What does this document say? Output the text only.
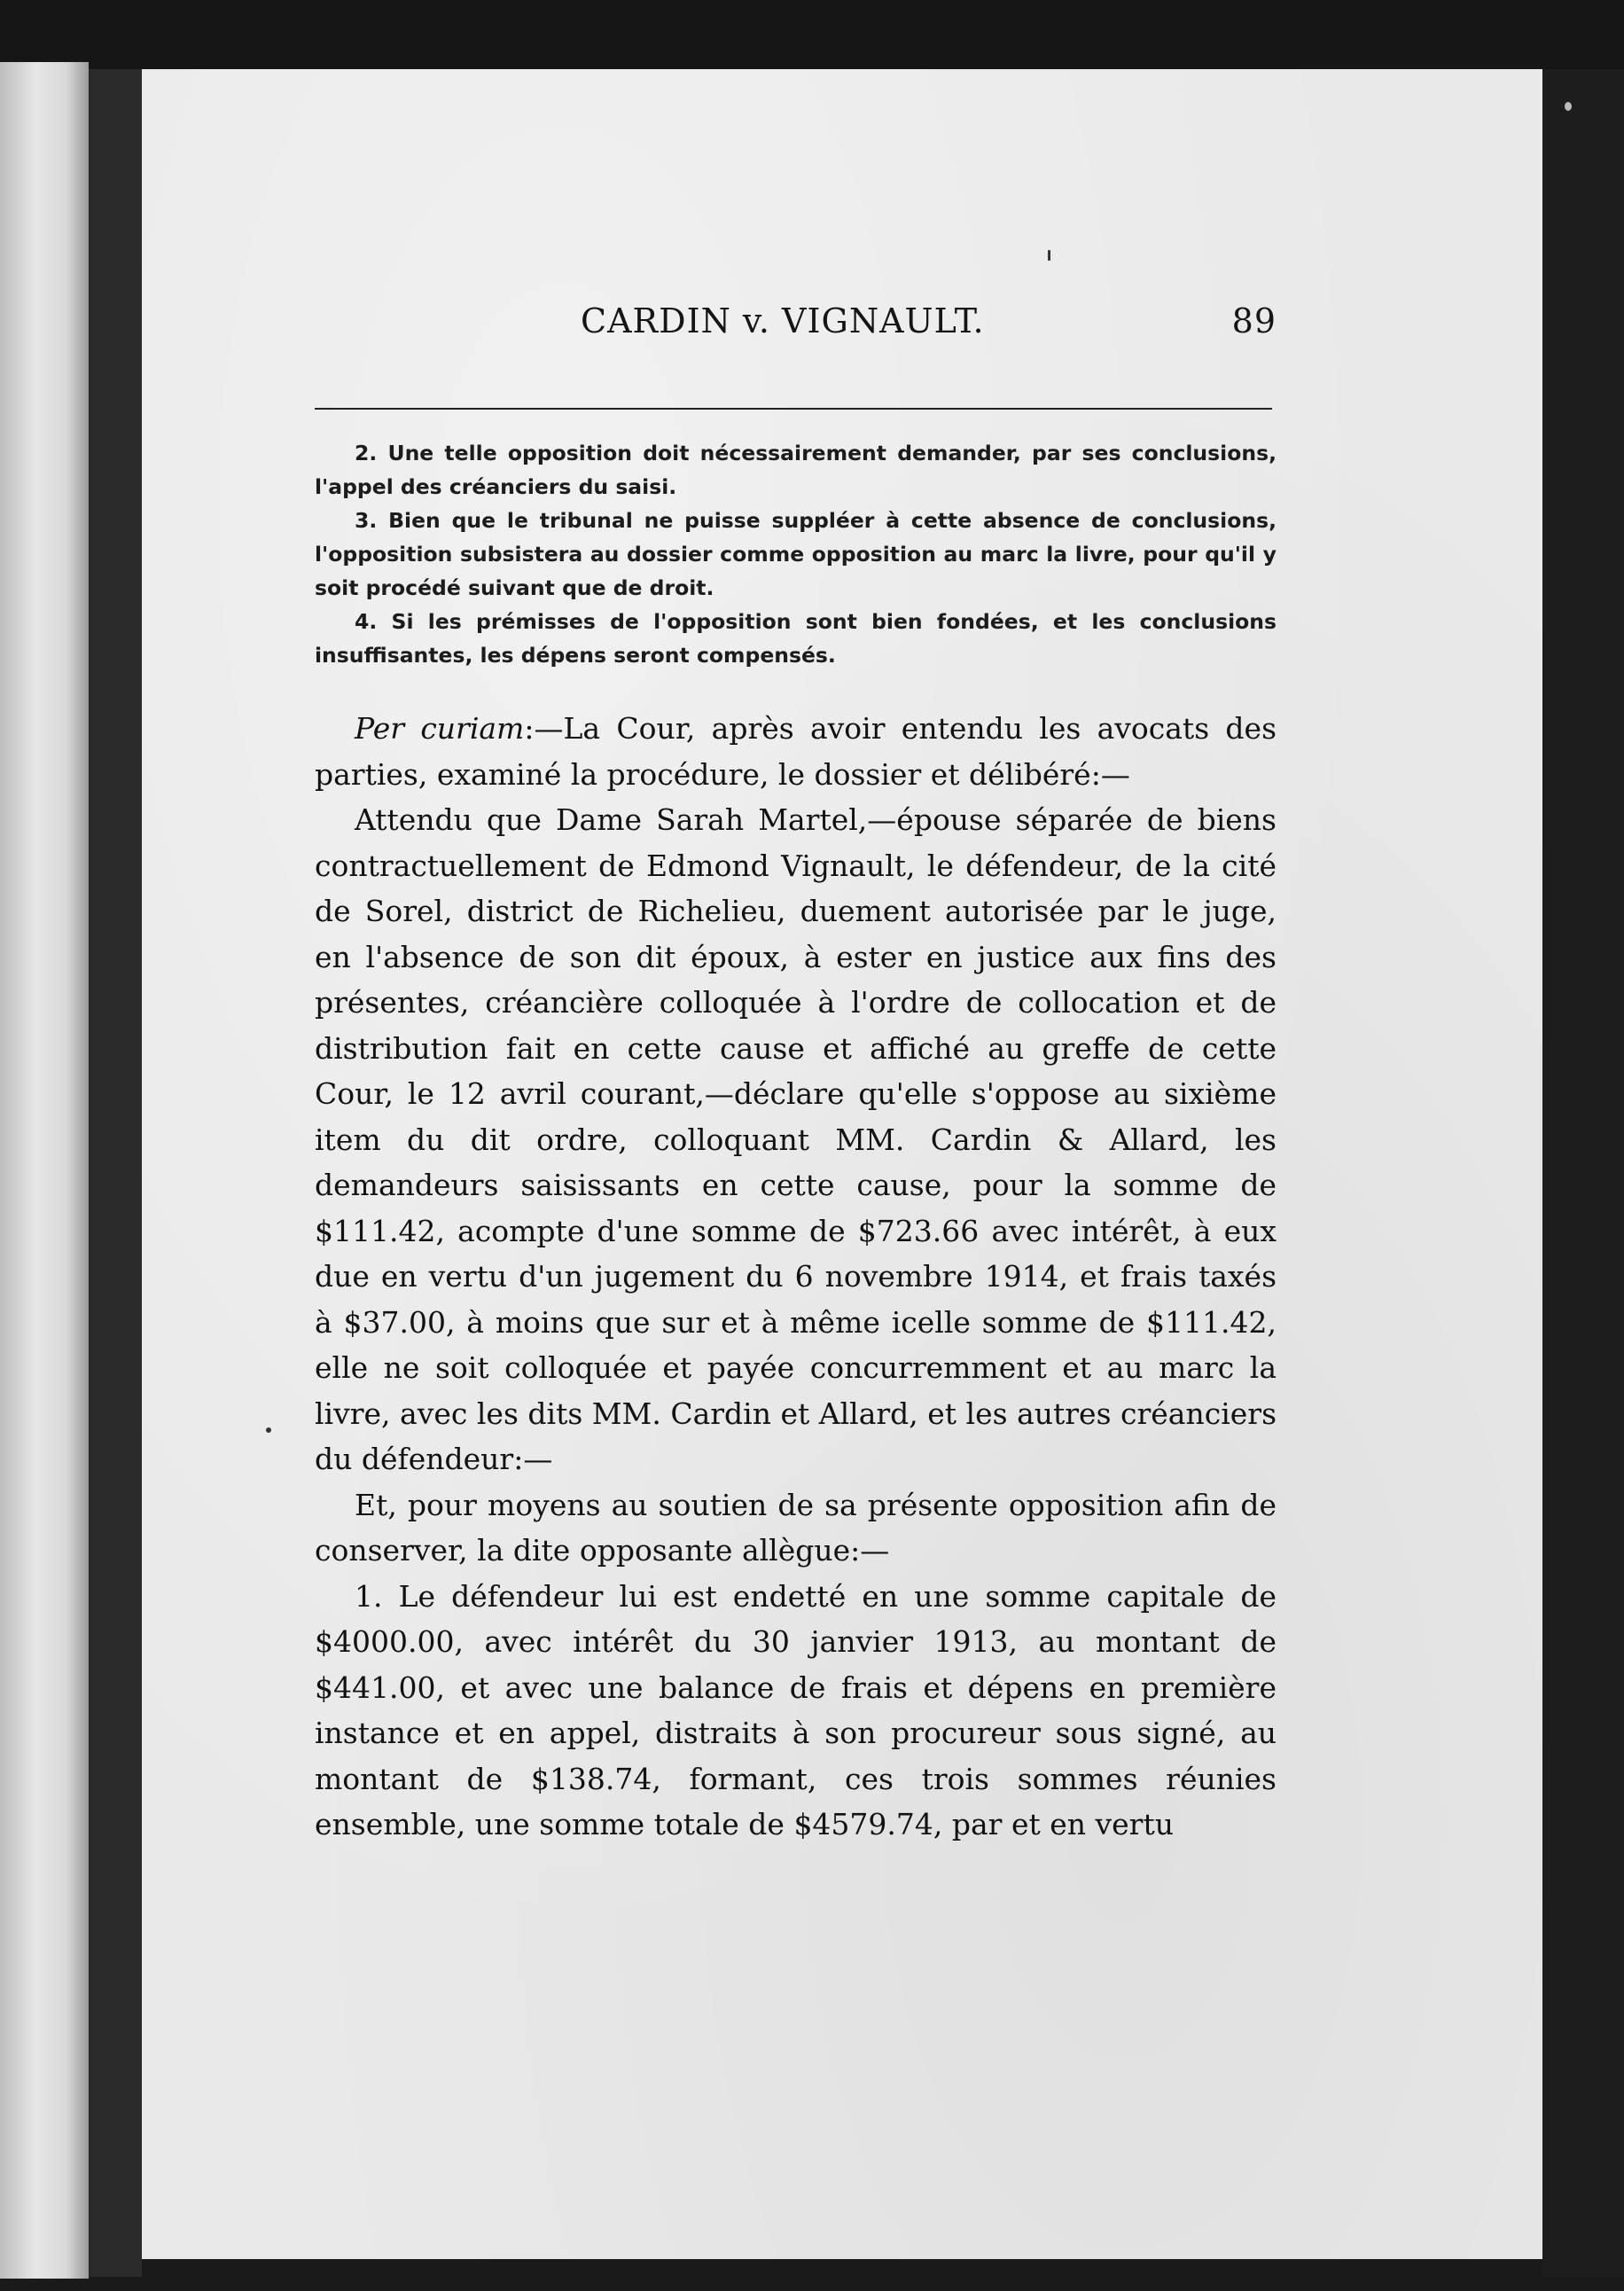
CARDIN v. VIGNAULT.	89

2. Une telle opposition doit nécessairement demander, par ses conclusions, l'appel des créanciers du saisi.

3. Bien que le tribunal ne puisse suppléer à cette absence de conclusions, l'opposition subsistera au dossier comme opposition au marc la livre, pour qu'il y soit procédé suivant que de droit.

4. Si les prémisses de l'opposition sont bien fondées, et les conclusions insuffisantes, les dépens seront compensés.

Per curiam:—La Cour, après avoir entendu les avocats des parties, examiné la procédure, le dossier et délibéré:—

Attendu que Dame Sarah Martel,—épouse séparée de biens contractuellement de Edmond Vignault, le défendeur, de la cité de Sorel, district de Richelieu, duement autorisée par le juge, en l'absence de son dit époux, à ester en justice aux fins des présentes, créancière colloquée à l'ordre de collocation et de distribution fait en cette cause et affiché au greffe de cette Cour, le 12 avril courant,—déclare qu'elle s'oppose au sixième item du dit ordre, colloquant MM. Cardin & Allard, les demandeurs saisissants en cette cause, pour la somme de $111.42, acompte d'une somme de $723.66 avec intérêt, à eux due en vertu d'un jugement du 6 novembre 1914, et frais taxés à $37.00, à moins que sur et à même icelle somme de $111.42, elle ne soit colloquée et payée concurremment et au marc la livre, avec les dits MM. Cardin et Allard, et les autres créanciers du défendeur:—

Et, pour moyens au soutien de sa présente opposition afin de conserver, la dite opposante allègue:—

1. Le défendeur lui est endetté en une somme capitale de $4000.00, avec intérêt du 30 janvier 1913, au montant de $441.00, et avec une balance de frais et dépens en première instance et en appel, distraits à son procureur sous signé, au montant de $138.74, formant, ces trois sommes réunies ensemble, une somme totale de $4579.74, par et en vertu
